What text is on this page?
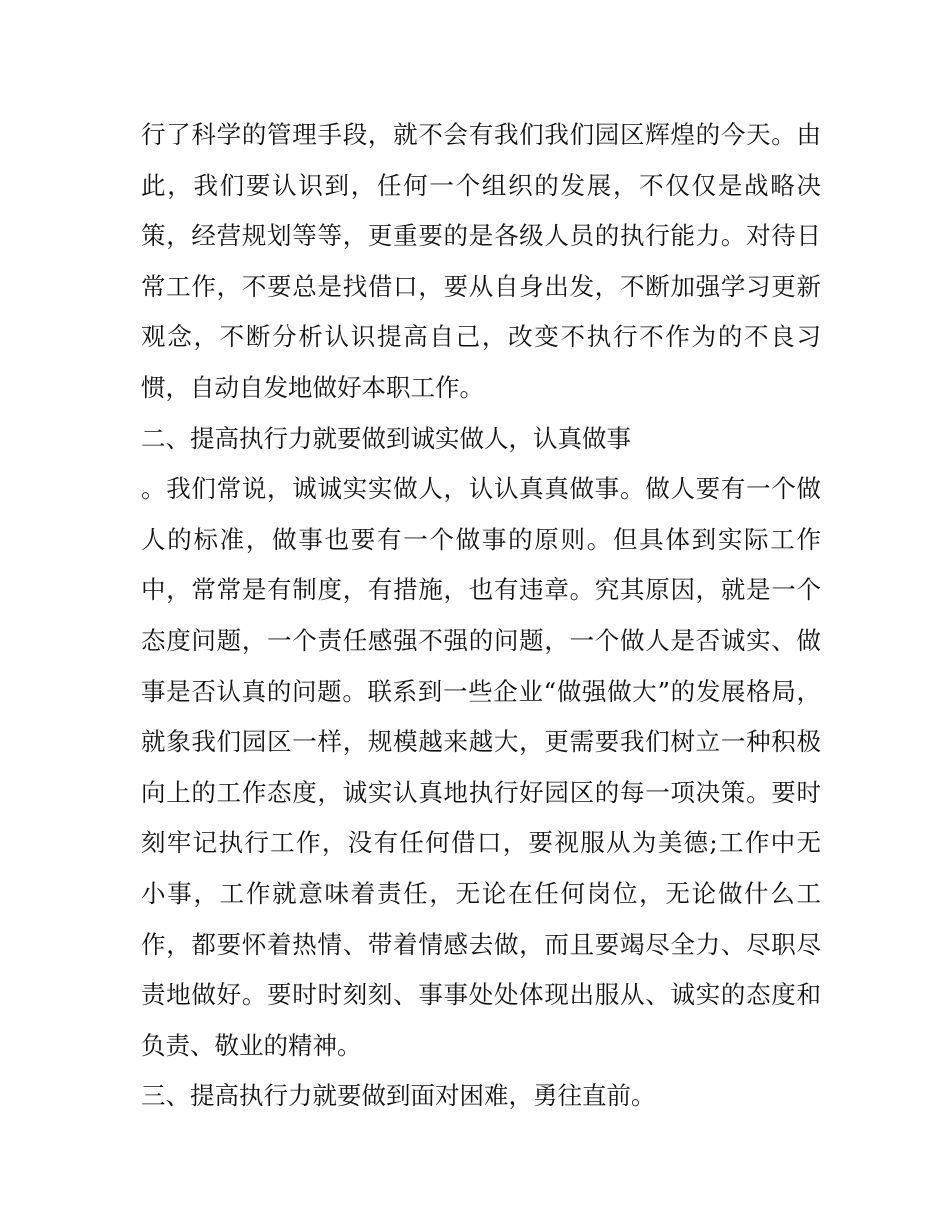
行了科学的管理手段，就不会有我们我们园区辉煌的今天。由
此，我们要认识到，任何一个组织的发展，不仅仅是战略决
策，经营规划等等，更重要的是各级人员的执行能力。对待日
常工作，不要总是找借口，要从自身出发，不断加强学习更新
观念，不断分析认识提高自己，改变不执行不作为的不良习
惯，自动自发地做好本职工作。
二、提高执行力就要做到诚实做人，认真做事
。我们常说，诚诚实实做人，认认真真做事。做人要有一个做
人的标准，做事也要有一个做事的原则。但具体到实际工作
中，常常是有制度，有措施，也有违章。究其原因，就是一个
态度问题，一个责任感强不强的问题，一个做人是否诚实、做
事是否认真的问题。联系到一些企业“做强做大”的发展格局，
就象我们园区一样，规模越来越大，更需要我们树立一种积极
向上的工作态度，诚实认真地执行好园区的每一项决策。要时
刻牢记执行工作，没有任何借口，要视服从为美德;工作中无
小事，工作就意味着责任，无论在任何岗位，无论做什么工
作，都要怀着热情、带着情感去做，而且要竭尽全力、尽职尽
责地做好。要时时刻刻、事事处处体现出服从、诚实的态度和
负责、敬业的精神。
三、提高执行力就要做到面对困难，勇往直前。
